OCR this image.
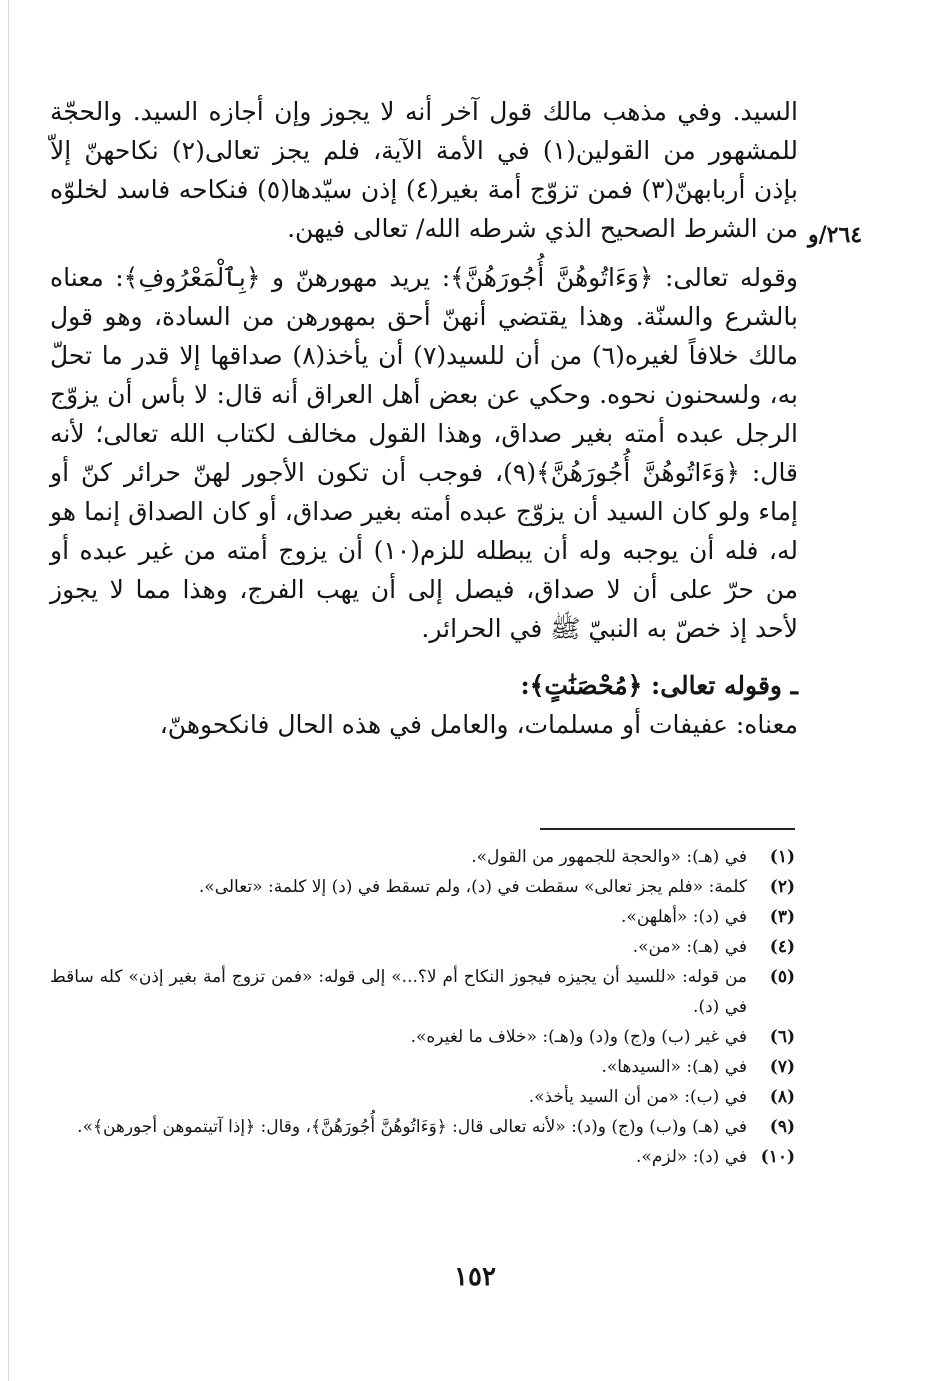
٢٦٤/و

السيد. وفي مذهب مالك قول آخر أنه لا يجوز وإن أجازه السيد. والحجّة للمشهور من القولين(١) في الأمة الآية، فلم يجز تعالى(٢) نكاحهنّ إلاّ بإذن أربابهنّ(٣) فمن تزوّج أمة بغير(٤) إذن سيّدها(٥) فنكاحه فاسد لخلوّه من الشرط الصحيح الذي شرطه الله/ تعالى فيهن.

وقوله تعالى: ﴿وَءَاتُوهُنَّ أُجُورَهُنَّ﴾: يريد مهورهنّ و ﴿بِٱلْمَعْرُوفِ﴾: معناه بالشرع والسنّة. وهذا يقتضي أنهنّ أحق بمهورهن من السادة، وهو قول مالك خلافاً لغيره(٦) من أن للسيد(٧) أن يأخذ(٨) صداقها إلا قدر ما تحلّ به، ولسحنون نحوه. وحكي عن بعض أهل العراق أنه قال: لا بأس أن يزوّج الرجل عبده أمته بغير صداق، وهذا القول مخالف لكتاب الله تعالى؛ لأنه قال: ﴿وَءَاتُوهُنَّ أُجُورَهُنَّ﴾(٩)، فوجب أن تكون الأجور لهنّ حرائر كنّ أو إماء ولو كان السيد أن يزوّج عبده أمته بغير صداق، أو كان الصداق إنما هو له، فله أن يوجبه وله أن يبطله للزم(١٠) أن يزوج أمته من غير عبده أو من حرّ على أن لا صداق، فيصل إلى أن يهب الفرج، وهذا مما لا يجوز لأحد إذ خصّ به النبيّ ﷺ في الحرائر.

ـ وقوله تعالى: ﴿مُحْصَنَٰتٍ﴾:

معناه: عفيفات أو مسلمات، والعامل في هذه الحال فانكحوهنّ،

(١)
في (هـ): «والحجة للجمهور من القول».
(٢)
كلمة: «فلم يجز تعالى» سقطت في (د)، ولم تسقط في (د) إلا كلمة: «تعالى».
(٣)
في (د): «أهلهن».
(٤)
في (هـ): «من».
(٥)
من قوله: «للسيد أن يجيزه فيجوز النكاح أم لا؟...» إلى قوله: «فمن تزوج أمة بغير إذن» كله ساقط في (د).
(٦)
في غير (ب) و(ج) و(د) و(هـ): «خلاف ما لغيره».
(٧)
في (هـ): «السيدها».
(٨)
في (ب): «من أن السيد يأخذ».
(٩)
في (هـ) و(ب) و(ج) و(د): «لأنه تعالى قال: ﴿وَءَاتُوهُنَّ أُجُورَهُنَّ﴾، وقال: ﴿إذا آتيتموهن أجورهن﴾».
(١٠)
في (د): «لزم».
١٥٢
